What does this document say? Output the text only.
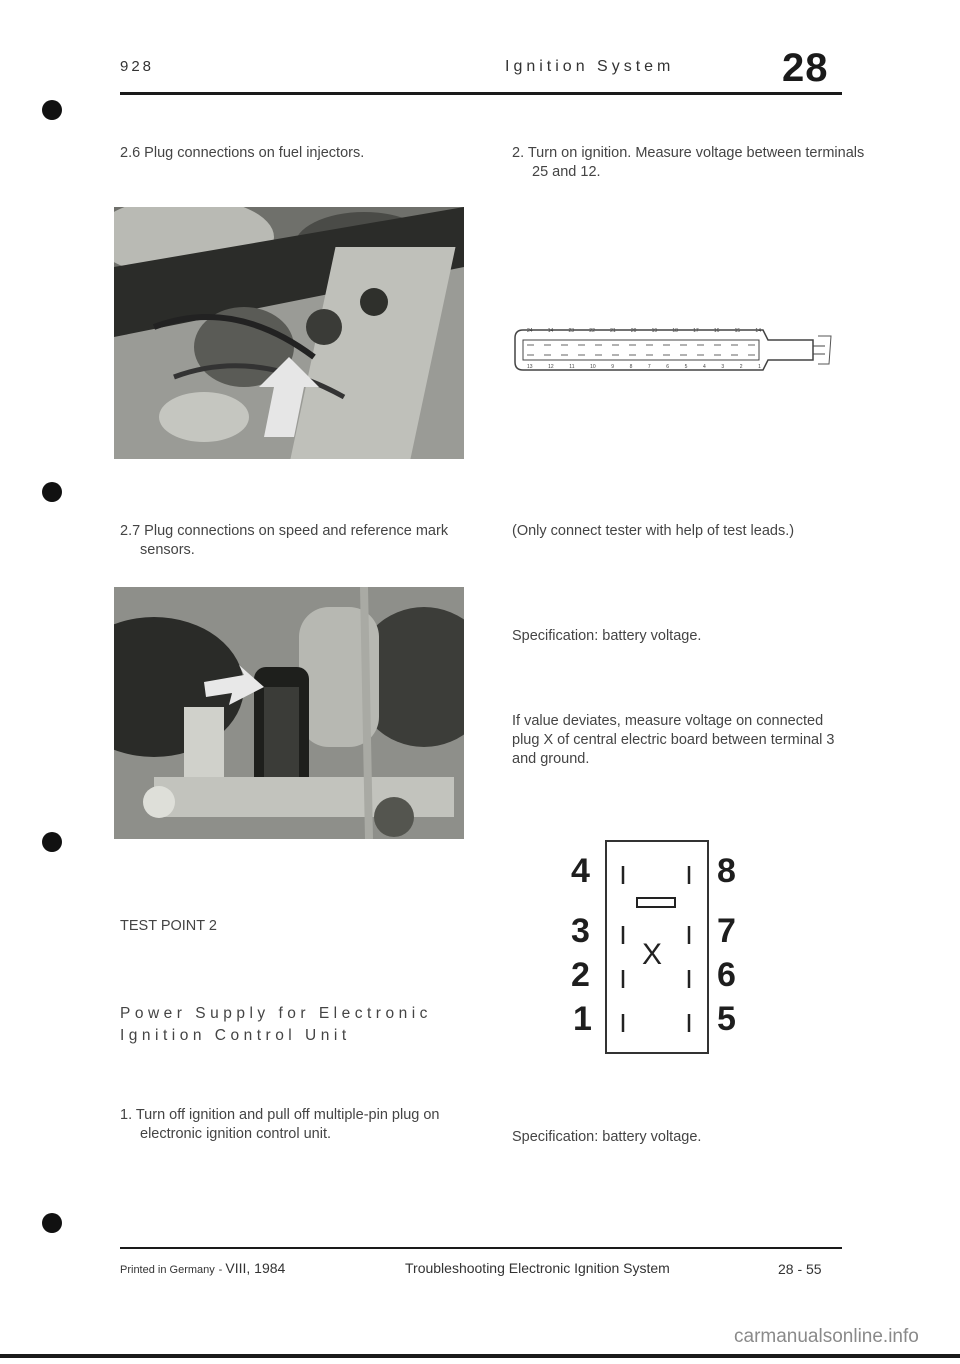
928	Ignition System	28
2.6 Plug connections on fuel injectors.
2.7 Plug connections on speed and reference mark sensors.
TEST POINT 2
Power Supply for Electronic
Ignition Control Unit
1. Turn off ignition and pull off multiple-pin plug on electronic ignition control unit.
2. Turn on ignition. Measure voltage between terminals 25 and 12.
24	14	23	22	21	20	19	18	17	16	15	14
13	12	11	10	9	8	7	6	5	4	3	2	1
(Only connect tester with help of test leads.)
Specification: battery voltage.
If value deviates, measure voltage on connected plug X of central electric board between terminal 3 and ground.
4
3
2
1
8
7
6
5
X
Specification: battery voltage.
Printed in Germany - VIII, 1984	Troubleshooting Electronic Ignition System	28 - 55
carmanualsonline.info
